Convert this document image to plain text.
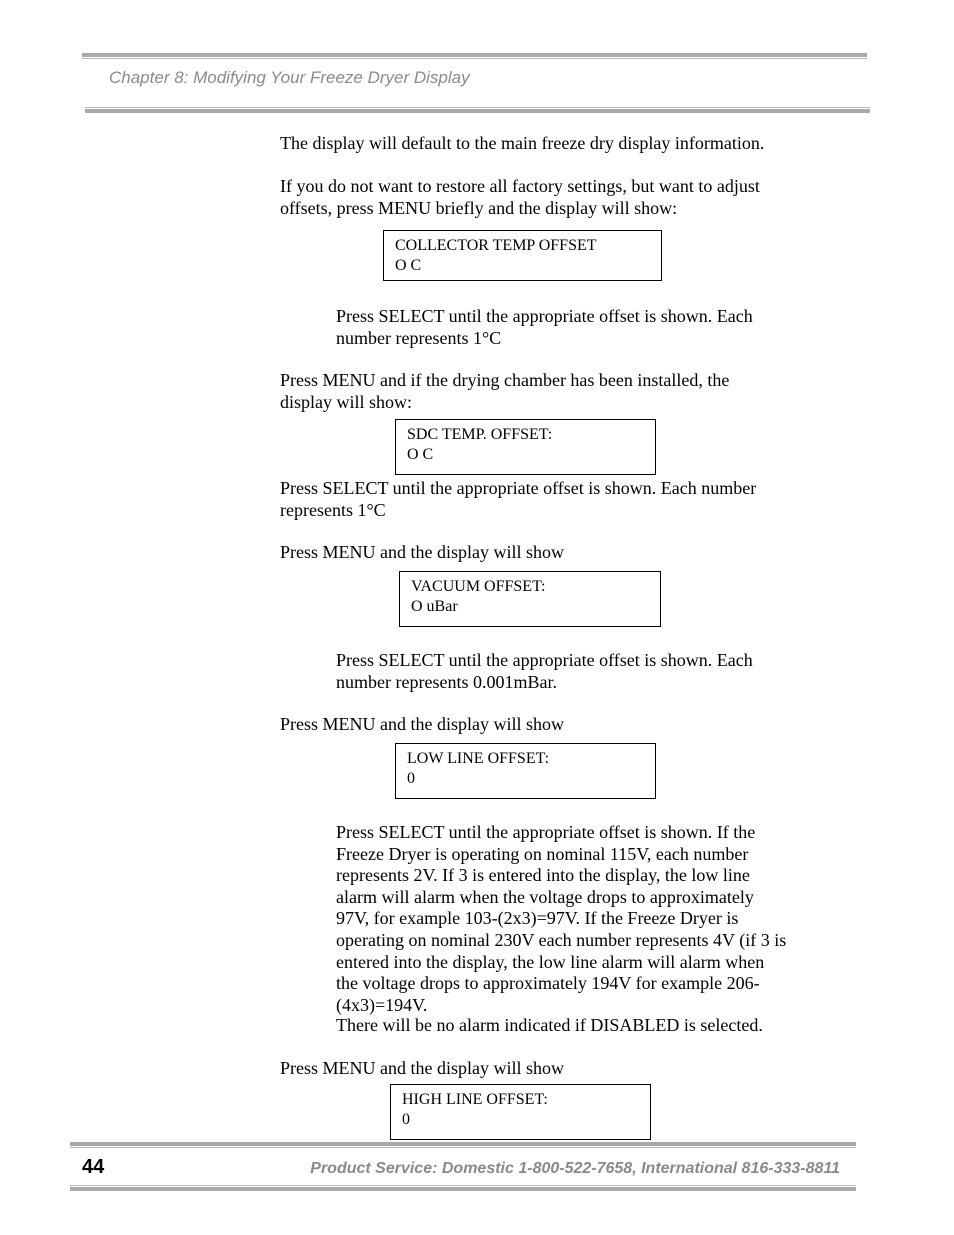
Chapter 8: Modifying Your Freeze Dryer Display

The display will default to the main freeze dry display information.

If you do not want to restore all factory settings, but want to adjust offsets, press MENU briefly and the display will show:

COLLECTOR TEMP OFFSET
O C

Press SELECT until the appropriate offset is shown. Each number represents 1°C

Press MENU and if the drying chamber has been installed, the display will show:

SDC TEMP. OFFSET:
O C

Press SELECT until the appropriate offset is shown. Each number represents 1°C

Press MENU and the display will show

VACUUM OFFSET:
O uBar

Press SELECT until the appropriate offset is shown. Each number represents 0.001mBar.

Press MENU and the display will show

LOW LINE OFFSET:
0

Press SELECT until the appropriate offset is shown. If the Freeze Dryer is operating on nominal 115V, each number represents 2V. If 3 is entered into the display, the low line alarm will alarm when the voltage drops to approximately 97V, for example 103-(2x3)=97V. If the Freeze Dryer is operating on nominal 230V each number represents 4V (if 3 is entered into the display, the low line alarm will alarm when the voltage drops to approximately 194V for example 206-(4x3)=194V.

There will be no alarm indicated if DISABLED is selected.

Press MENU and the display will show

HIGH LINE OFFSET:
0
44	Product Service: Domestic 1-800-522-7658, International 816-333-8811
